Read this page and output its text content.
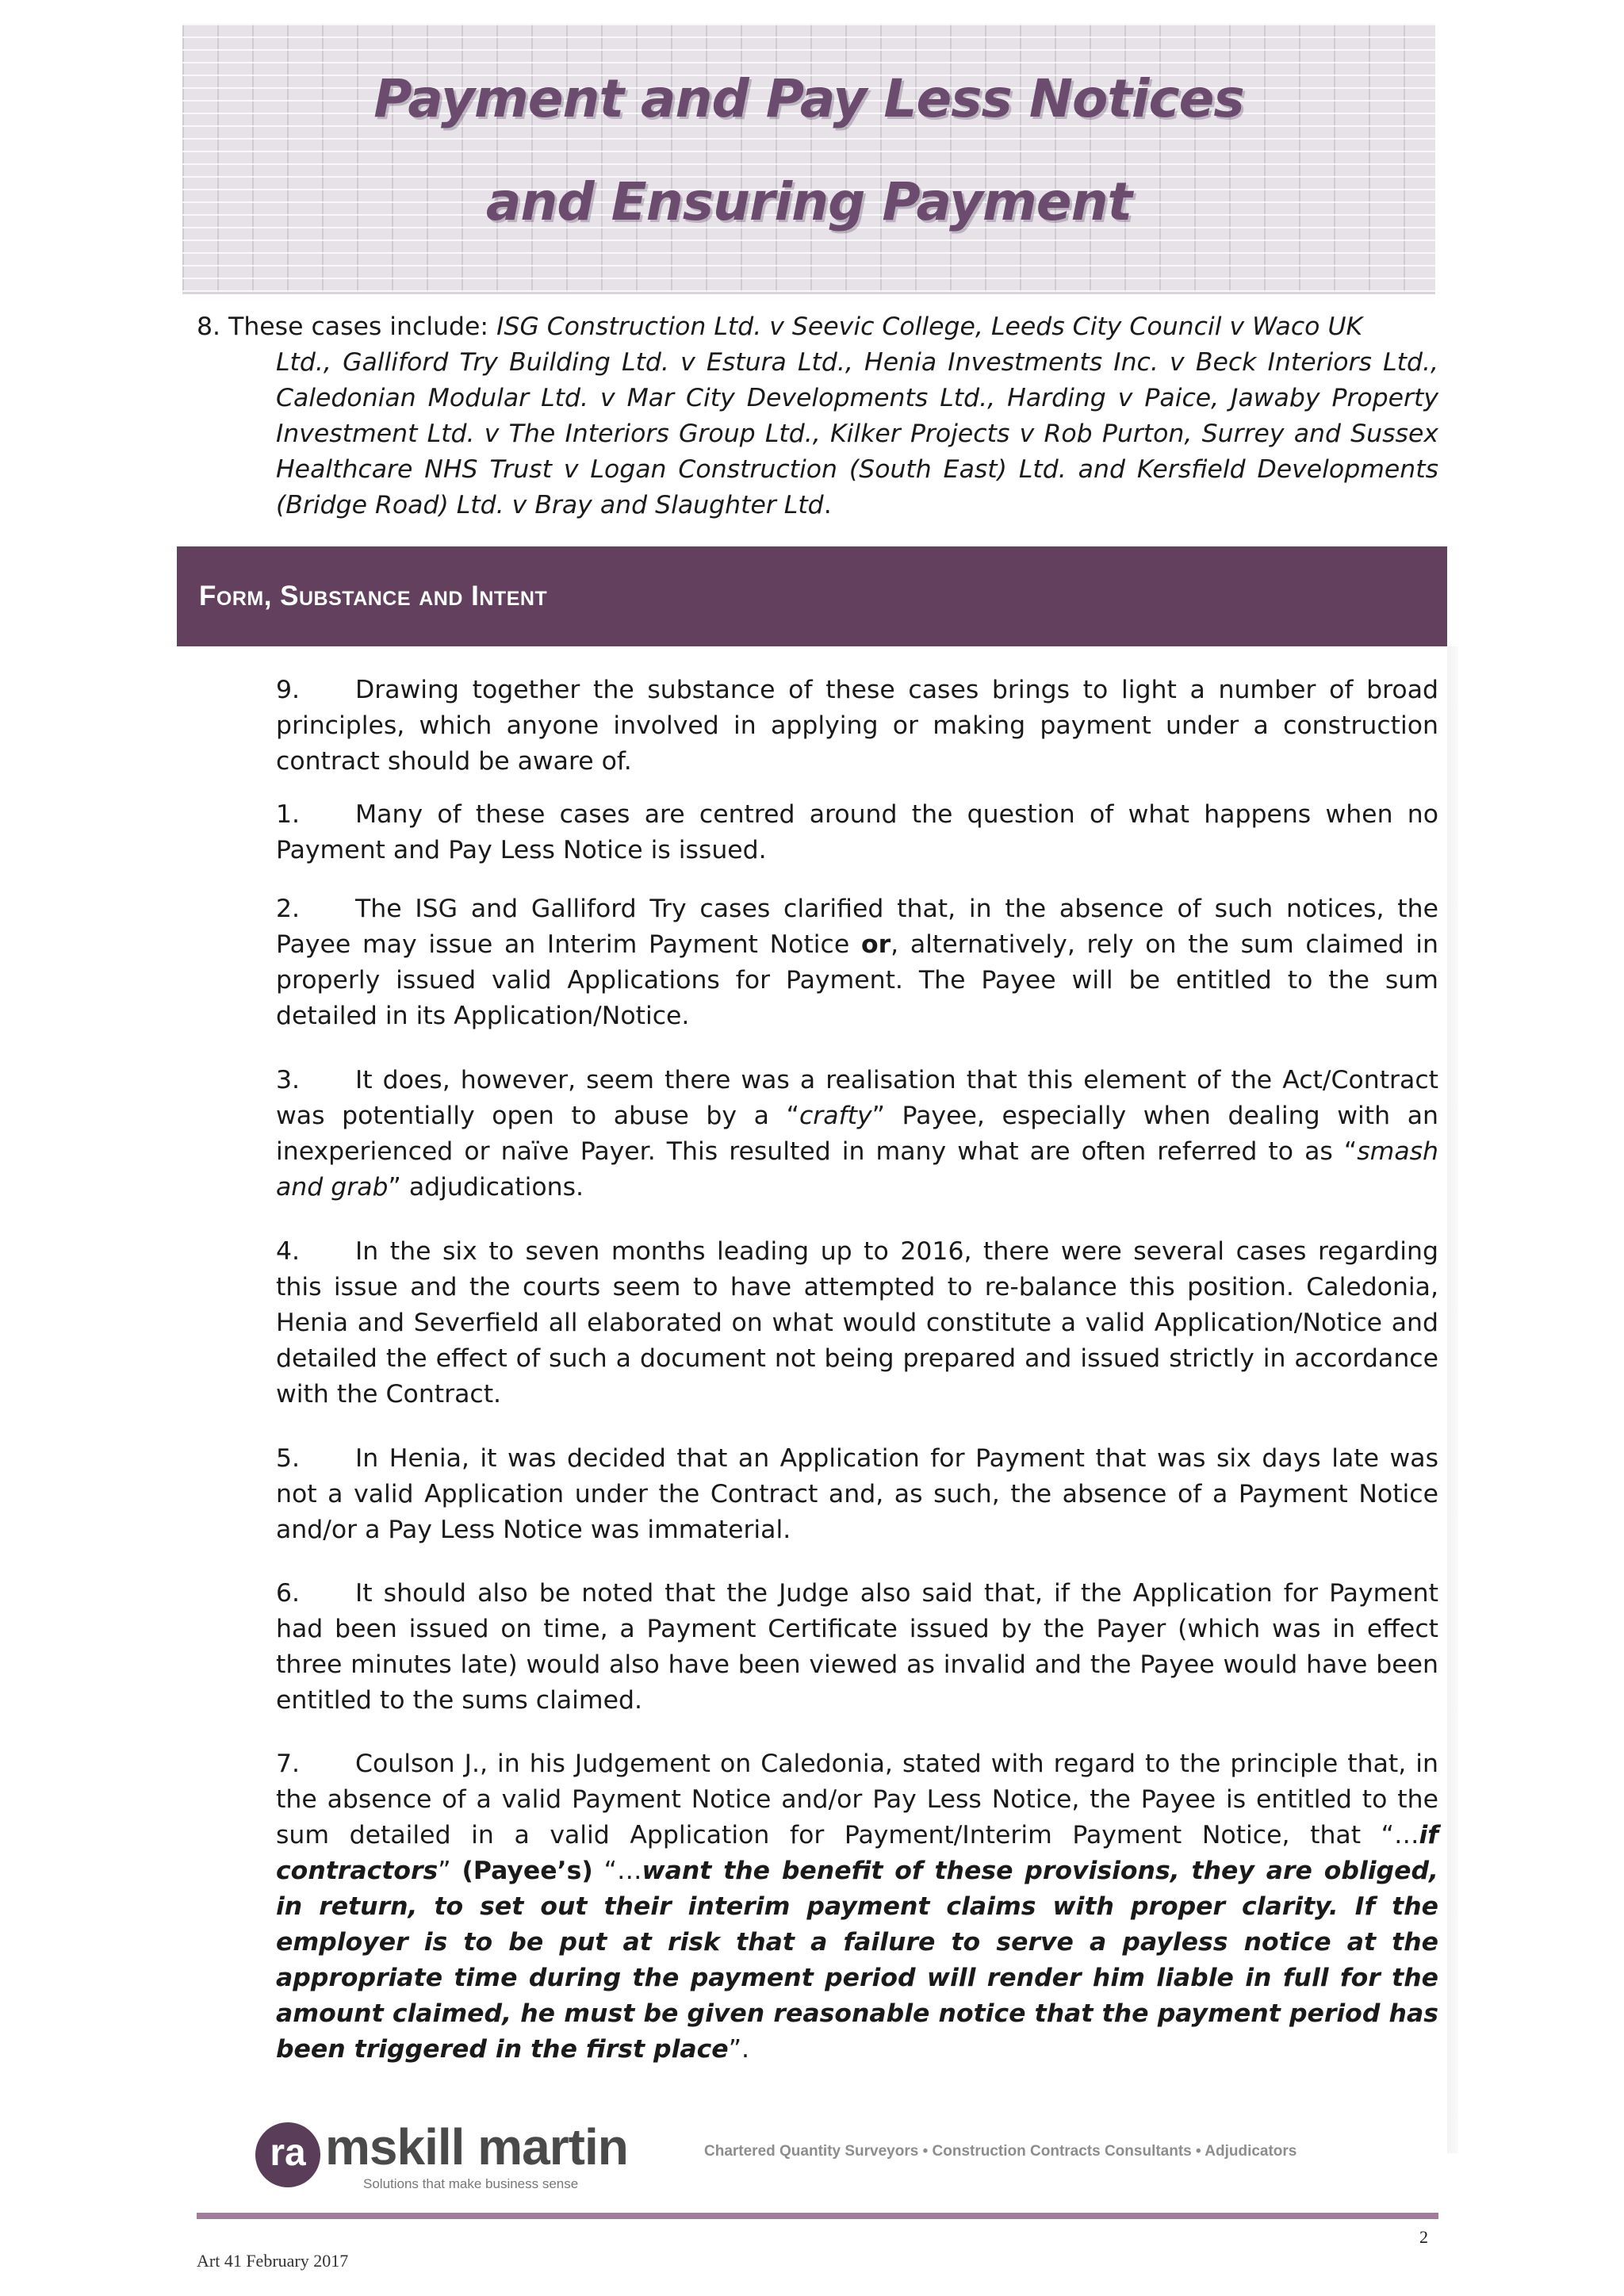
Payment and Pay Less Notices
and Ensuring Payment
8. These cases include: ISG Construction Ltd. v Seevic College, Leeds City Council v Waco UK
Ltd., Galliford Try Building Ltd. v Estura Ltd., Henia Investments Inc. v Beck Interiors Ltd., Caledonian Modular Ltd. v Mar City Developments Ltd., Harding v Paice, Jawaby Property Investment Ltd. v The Interiors Group Ltd., Kilker Projects v Rob Purton, Surrey and Sussex Healthcare NHS Trust v Logan Construction (South East) Ltd. and Kersfield Developments (Bridge Road) Ltd. v Bray and Slaughter Ltd.
Form, Substance and Intent
9. Drawing together the substance of these cases brings to light a number of broad principles, which anyone involved in applying or making payment under a construction contract should be aware of.
1. Many of these cases are centred around the question of what happens when no Payment and Pay Less Notice is issued.
2. The ISG and Galliford Try cases clarified that, in the absence of such notices, the Payee may issue an Interim Payment Notice or, alternatively, rely on the sum claimed in properly issued valid Applications for Payment. The Payee will be entitled to the sum detailed in its Application/Notice.
3. It does, however, seem there was a realisation that this element of the Act/Contract was potentially open to abuse by a “crafty” Payee, especially when dealing with an inexperienced or naïve Payer. This resulted in many what are often referred to as “smash and grab” adjudications.
4. In the six to seven months leading up to 2016, there were several cases regarding this issue and the courts seem to have attempted to re-balance this position. Caledonia, Henia and Severfield all elaborated on what would constitute a valid Application/Notice and detailed the effect of such a document not being prepared and issued strictly in accordance with the Contract.
5. In Henia, it was decided that an Application for Payment that was six days late was not a valid Application under the Contract and, as such, the absence of a Payment Notice and/or a Pay Less Notice was immaterial.
6. It should also be noted that the Judge also said that, if the Application for Payment had been issued on time, a Payment Certificate issued by the Payer (which was in effect three minutes late) would also have been viewed as invalid and the Payee would have been entitled to the sums claimed.
7. Coulson J., in his Judgement on Caledonia, stated with regard to the principle that, in the absence of a valid Payment Notice and/or Pay Less Notice, the Payee is entitled to the sum detailed in a valid Application for Payment/Interim Payment Notice, that “…if contractors” (Payee’s) “…want the benefit of these provisions, they are obliged, in return, to set out their interim payment claims with proper clarity. If the employer is to be put at risk that a failure to serve a payless notice at the appropriate time during the payment period will render him liable in full for the amount claimed, he must be given reasonable notice that the payment period has been triggered in the first place”.
ra mskill martin
Solutions that make business sense
Chartered Quantity Surveyors • Construction Contracts Consultants • Adjudicators
2
Art 41 February 2017
